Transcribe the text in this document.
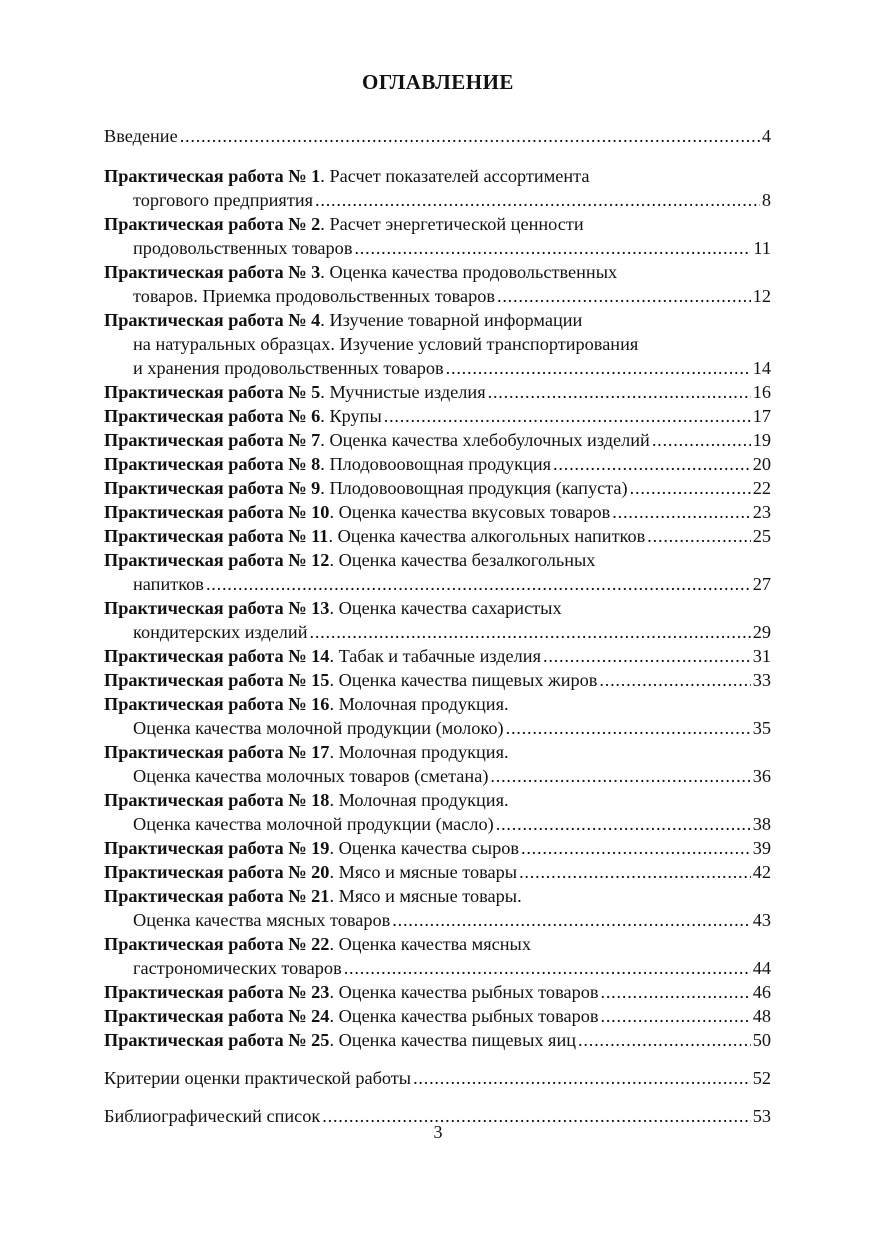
ОГЛАВЛЕНИЕ
Введение . . .	4
Практическая работа № 1. Расчет показателей ассортимента
торгового предприятия . . .	8
Практическая работа № 2. Расчет энергетической ценности
продовольственных товаров . . .	11
Практическая работа № 3. Оценка качества продовольственных
товаров. Приемка продовольственных товаров . . .	12
Практическая работа № 4. Изучение товарной информации
на натуральных образцах. Изучение условий транспортирования
и хранения продовольственных товаров . . .	14
Практическая работа № 5. Мучнистые изделия . . .	16
Практическая работа № 6. Крупы . . .	17
Практическая работа № 7. Оценка качества хлебобулочных изделий . . .	19
Практическая работа № 8. Плодовоовощная продукция . . .	20
Практическая работа № 9. Плодовоовощная продукция (капуста) . . .	22
Практическая работа № 10. Оценка качества вкусовых товаров . . .	23
Практическая работа № 11. Оценка качества алкогольных напитков . . .	25
Практическая работа № 12. Оценка качества безалкогольных
напитков . . .	27
Практическая работа № 13. Оценка качества сахаристых
кондитерских изделий . . .	29
Практическая работа № 14. Табак и табачные изделия . . .	31
Практическая работа № 15. Оценка качества пищевых жиров . . .	33
Практическая работа № 16. Молочная продукция.
Оценка качества молочной продукции (молоко) . . .	35
Практическая работа № 17. Молочная продукция.
Оценка качества молочных товаров (сметана) . . .	36
Практическая работа № 18. Молочная продукция.
Оценка качества молочной продукции (масло) . . .	38
Практическая работа № 19. Оценка качества сыров . . .	39
Практическая работа № 20. Мясо и мясные товары . . .	42
Практическая работа № 21. Мясо и мясные товары.
Оценка качества мясных товаров . . .	43
Практическая работа № 22. Оценка качества мясных
гастрономических товаров . . .	44
Практическая работа № 23. Оценка качества рыбных товаров . . .	46
Практическая работа № 24. Оценка качества рыбных товаров . . .	48
Практическая работа № 25. Оценка качества пищевых яиц . . .	50
Критерии оценки практической работы . . .	52
Библиографический список . . .	53
3
